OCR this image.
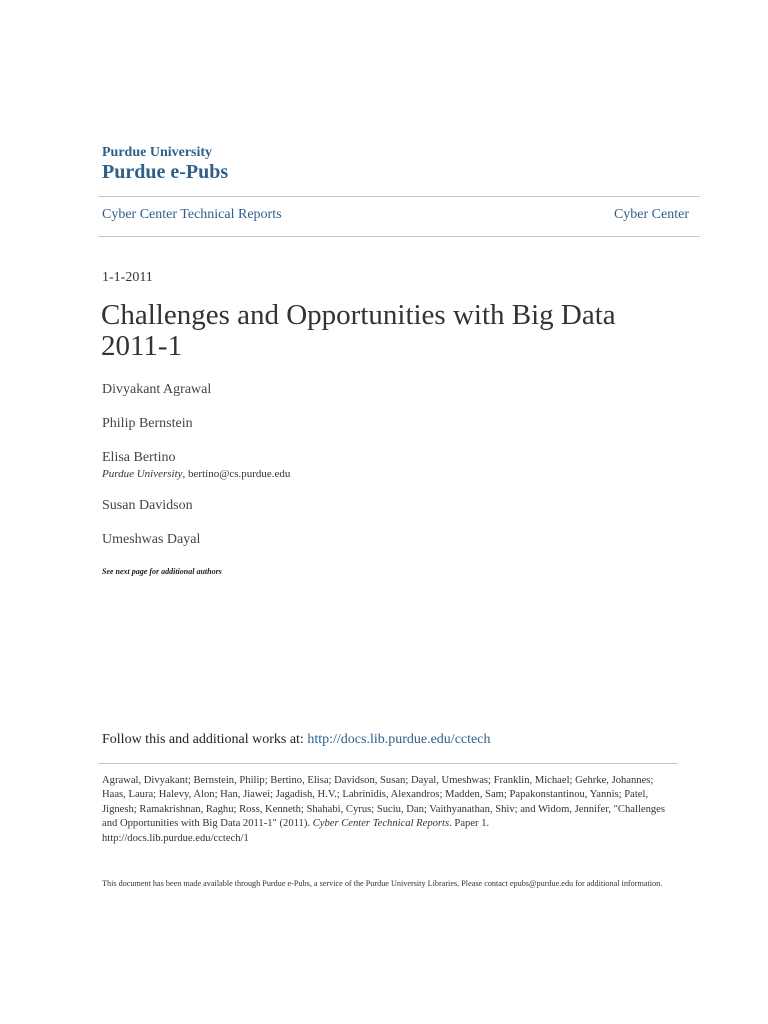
Purdue University
Purdue e-Pubs
Cyber Center Technical Reports	Cyber Center
1-1-2011
Challenges and Opportunities with Big Data 2011-1
Divyakant Agrawal
Philip Bernstein
Elisa Bertino
Purdue University, bertino@cs.purdue.edu
Susan Davidson
Umeshwas Dayal
See next page for additional authors
Follow this and additional works at: http://docs.lib.purdue.edu/cctech
Agrawal, Divyakant; Bernstein, Philip; Bertino, Elisa; Davidson, Susan; Dayal, Umeshwas; Franklin, Michael; Gehrke, Johannes; Haas, Laura; Halevy, Alon; Han, Jiawei; Jagadish, H.V.; Labrinidis, Alexandros; Madden, Sam; Papakonstantinou, Yannis; Patel, Jignesh; Ramakrishnan, Raghu; Ross, Kenneth; Shahabi, Cyrus; Suciu, Dan; Vaithyanathan, Shiv; and Widom, Jennifer, "Challenges and Opportunities with Big Data 2011-1" (2011). Cyber Center Technical Reports. Paper 1.
http://docs.lib.purdue.edu/cctech/1
This document has been made available through Purdue e-Pubs, a service of the Purdue University Libraries. Please contact epubs@purdue.edu for additional information.
